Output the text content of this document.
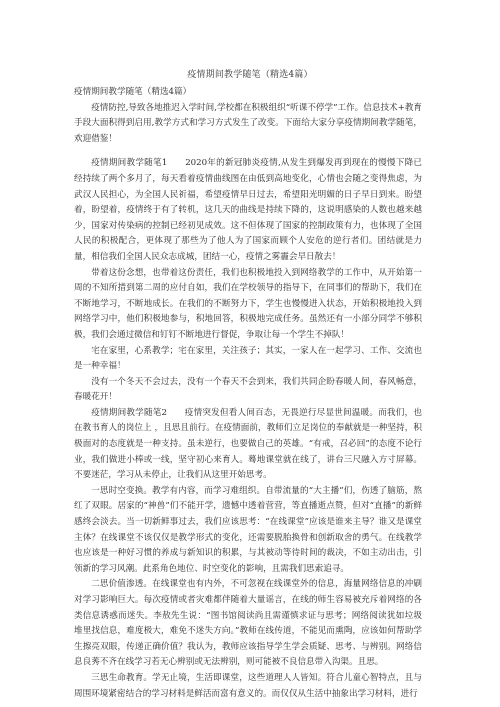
疫情期间教学随笔（精选4篇）

疫情期间教学随笔（精选4篇）

疫情防控,导致各地推迟入学时间,学校都在积极组织“听课不停学”工作。信息技术+教育手段大面积得到启用,教学方式和学习方式发生了改变。下面给大家分享疫情期间教学随笔，欢迎借鉴！

疫情期间教学随笔1　　2020年的新冠肺炎疫情,从发生到爆发再到现在的慢慢下降已经持续了两个多月了，每天看着疫情曲线图在由低到高地变化，心情也会随之变得焦虑，为武汉人民担心，为全国人民祈福，希望疫情早日过去，希望阳光明媚的日子早日到来。盼望着，盼望着，疫情终于有了转机，这几天的曲线是持续下降的，这说明感染的人数也越来越少，国家对传染病的控制已经初见成效。这不但体现了国家的控制政策有力，也体现了全国人民的积极配合，更体现了那些为了他人为了国家而顾个人安危的逆行者们。团结就是力量，相信我们全国人民众志成城，团结一心，疫情之雾霾会早日散去！

带着这份念想，也带着这份责任，我们也积极地投入到网络教学的工作中，从开始第一周的不知所措到第二周的应付自如，我们在学校领导的指导下，在同事们的帮助下，我们在不断地学习，不断地成长。在我们的不断努力下，学生也慢慢进入状态，开始积极地投入到网络学习中，他们积极地参与，积地回答，积极地完成任务。虽然还有一小部分同学不够积极，我们会通过微信和钉钉不断地进行督促，争取让每一个学生不掉队！

宅在家里，心系教学；宅在家里，关注孩子；其实，一家人在一起学习、工作、交流也是一种幸福！

没有一个冬天不会过去，没有一个春天不会到来，我们共同企盼春暖人间，春风畅意，春暖花开！

疫情期间教学随笔2　　疫情突发但看人间百态，无畏逆行尽显世间温暖。而我们，也在教书育人的岗位上 ，且思且前行。在疫情面前，教师们立足岗位的奉献就是一种坚持，积极面对的态度就是一种支持。虽未逆行，也要做自己的英雄。“有戒，召必回”的态度不论行业，我们做进小棒或一线，坚守初心来育人。蓦地课堂就在线了，讲台三尺融入方寸屏幕。不要迷茫，学习从未停止，让我们从这里开始思考。

一思时空变换。教学有内容，而学习难组织。自带流量的“大主播”们，伤透了脑筋，熬红了双眼。居家的“神兽”们不能开学，遗憾中透着营营，等直播逝点赞，但对“直播”的新鲜感终会淡去。当一切新鲜事过去，我们应该思考：“在线课堂”应该是谁来主导？谁又是课堂主体？在线课堂不该仅仅是教学形式的变化，还需要脱胎换骨和创新取舍的勇气。在线教学也应该是一种好习惯的养成与新知识的积累，与其被动等待时间的裁决，不如主动出击，引领新的学习风潮。此系角色地位、时空变化的影响，且需我们思索追寻。

二思价值渗透。在线课堂也有内外，不可忽视在线课堂外的信息，海量网络信息的冲刷对学习影响巨大。每次疫情或者灾难都伴随着大量谣言，在线的师生容易被充斥着网络的各类信息诱惑而迷失。李敖先生说：“图书馆阅读尚且需谨慎求证与思考；网络阅读犹如垃圾堆里找信息，难度极大，难免不迷失方向。”教师在线传道，不能见而熏陶，应该如何帮助学生擦亮双眼，传递正确价值？我认为，教师应该指导学生学会质疑、思考、与辨别。网络信息良莠不齐在线学习若无心辨别或无法辨别，则可能被不良信息带入沟渠。且思。

三思生命教育。学无止境，生活即课堂，这些道理人人皆知。符合儿童心智特点，且与周围环境紧密结合的学习材料是鲜活而富有意义的。而仅仅从生活中抽象出学习材料，进行
